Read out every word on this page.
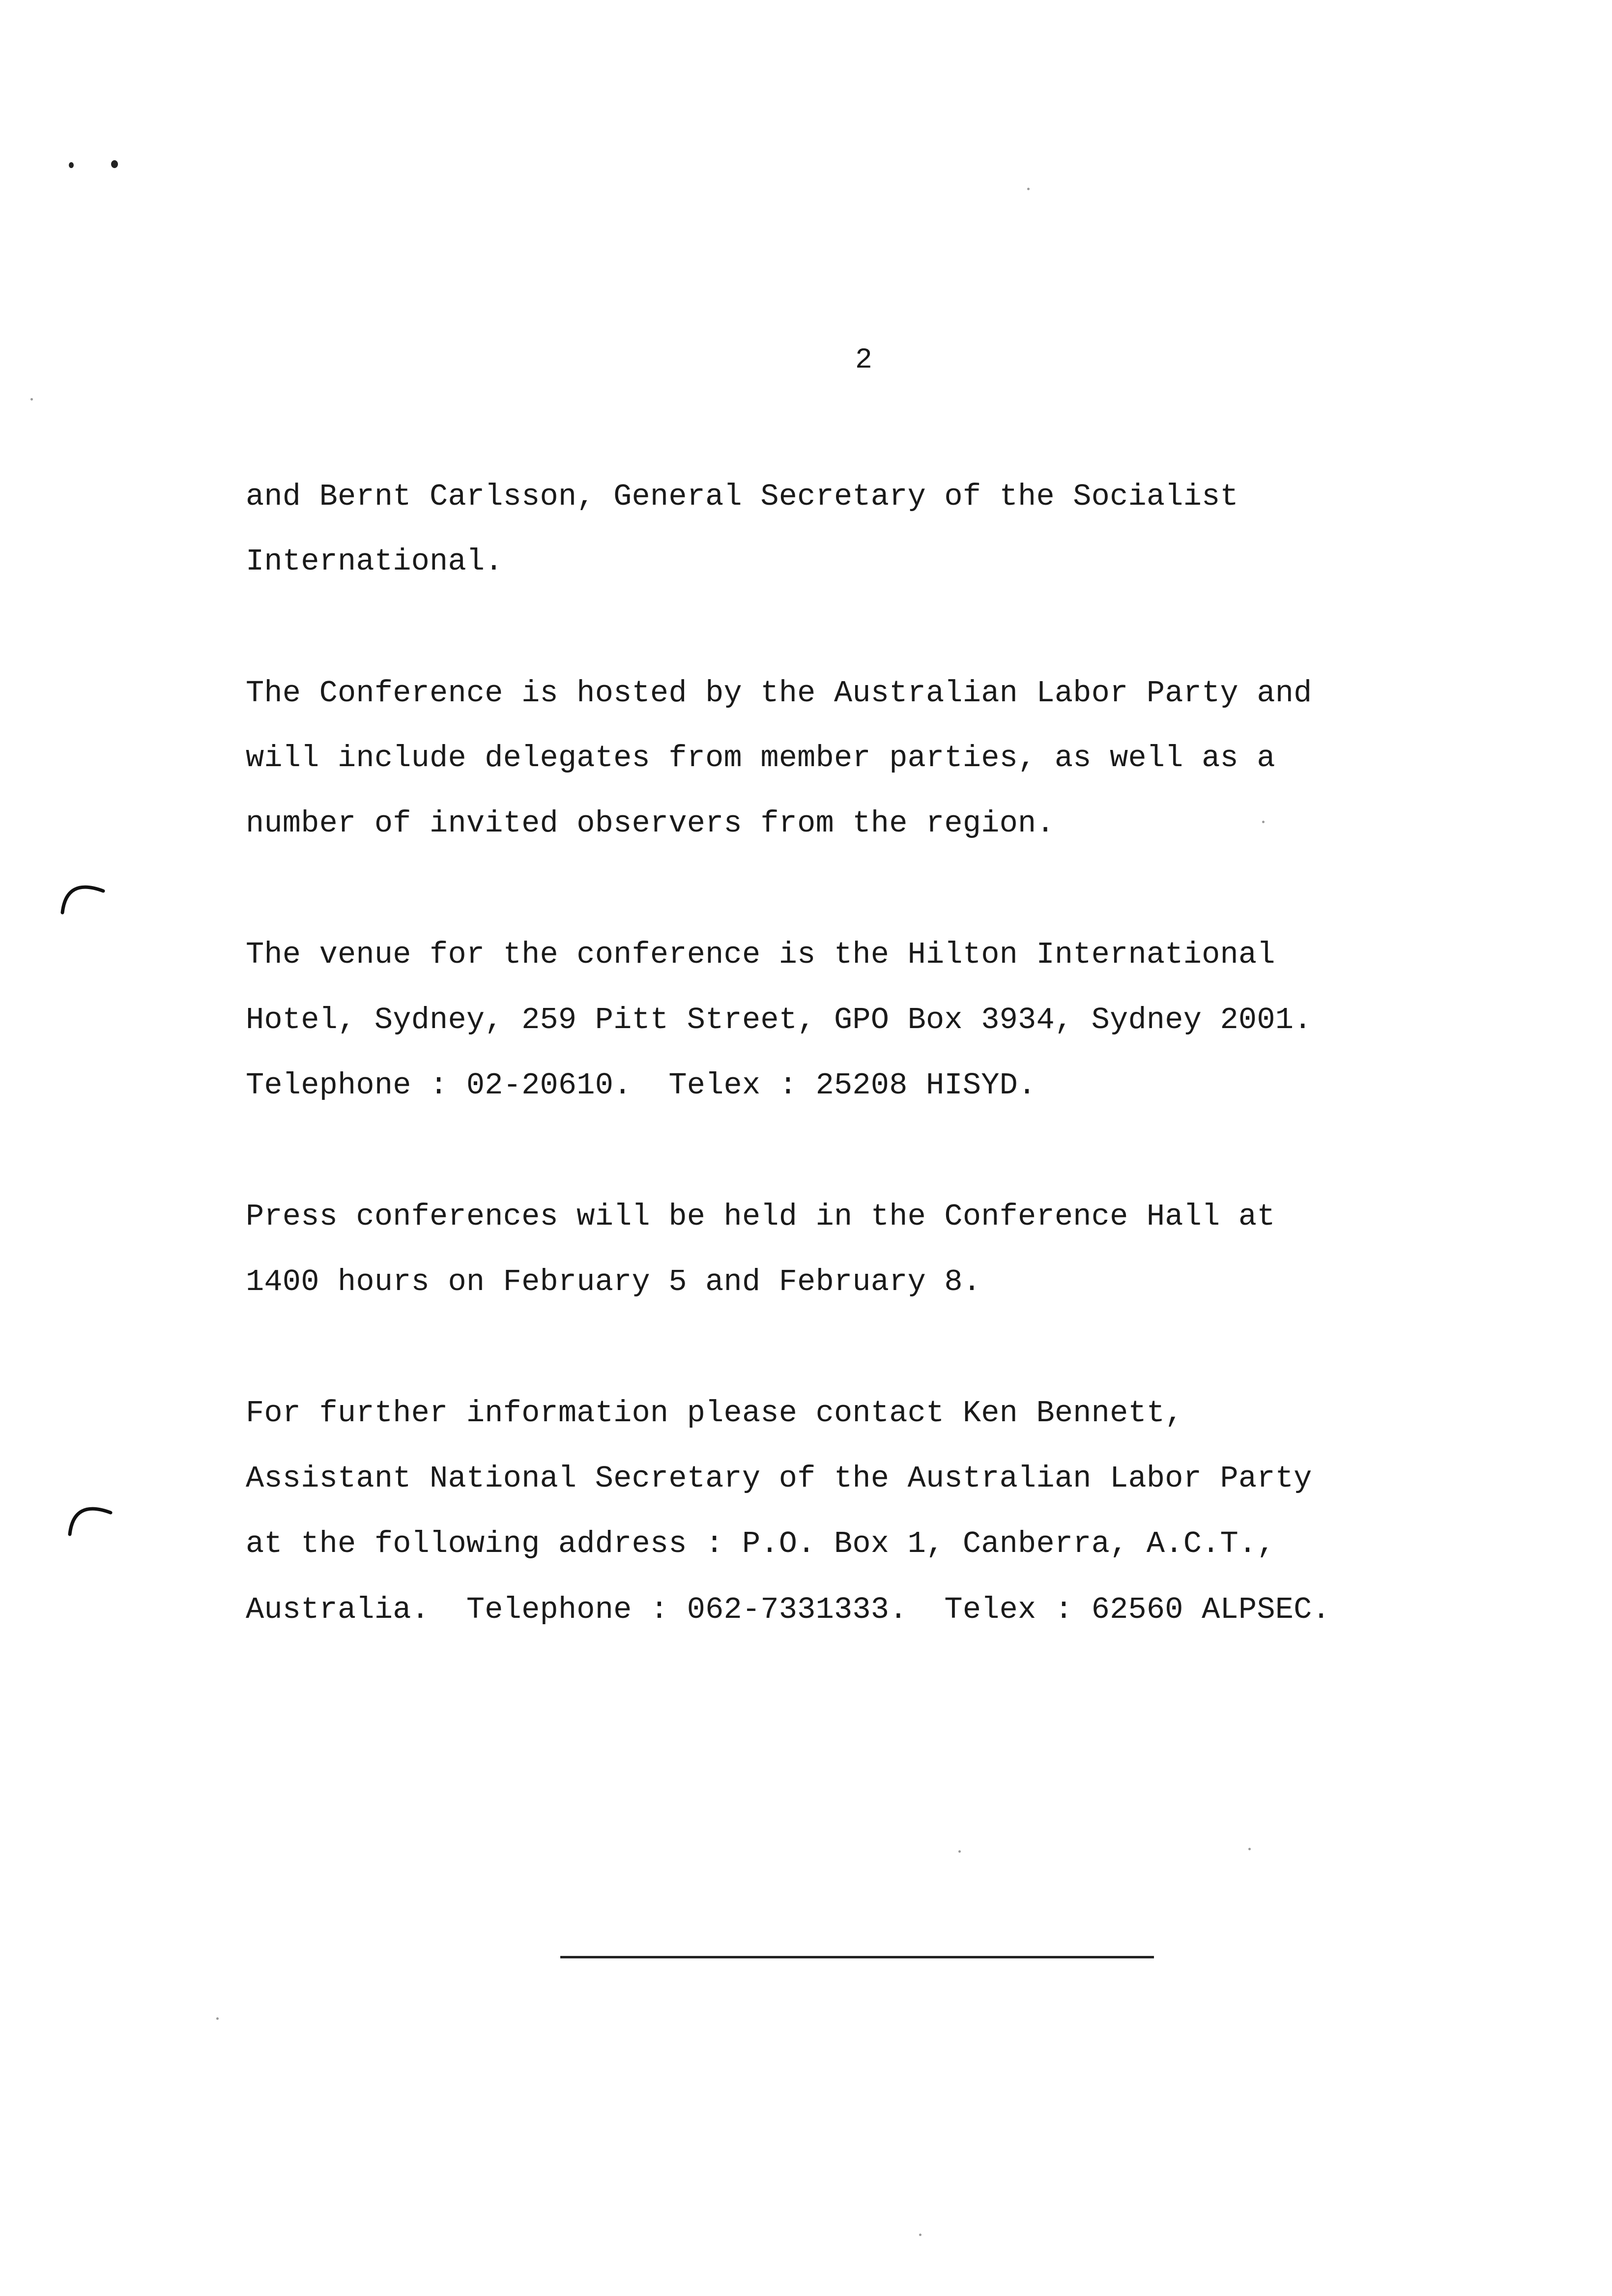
2
and Bernt Carlsson, General Secretary of the Socialist
International.
The Conference is hosted by the Australian Labor Party and
will include delegates from member parties, as well as a
number of invited observers from the region.
The venue for the conference is the Hilton International
Hotel, Sydney, 259 Pitt Street, GPO Box 3934, Sydney 2001.
Telephone : 02-20610.  Telex : 25208 HISYD.
Press conferences will be held in the Conference Hall at
1400 hours on February 5 and February 8.
For further information please contact Ken Bennett,
Assistant National Secretary of the Australian Labor Party
at the following address : P.O. Box 1, Canberra, A.C.T.,
Australia.  Telephone : 062-7331333.  Telex : 62560 ALPSEC.
